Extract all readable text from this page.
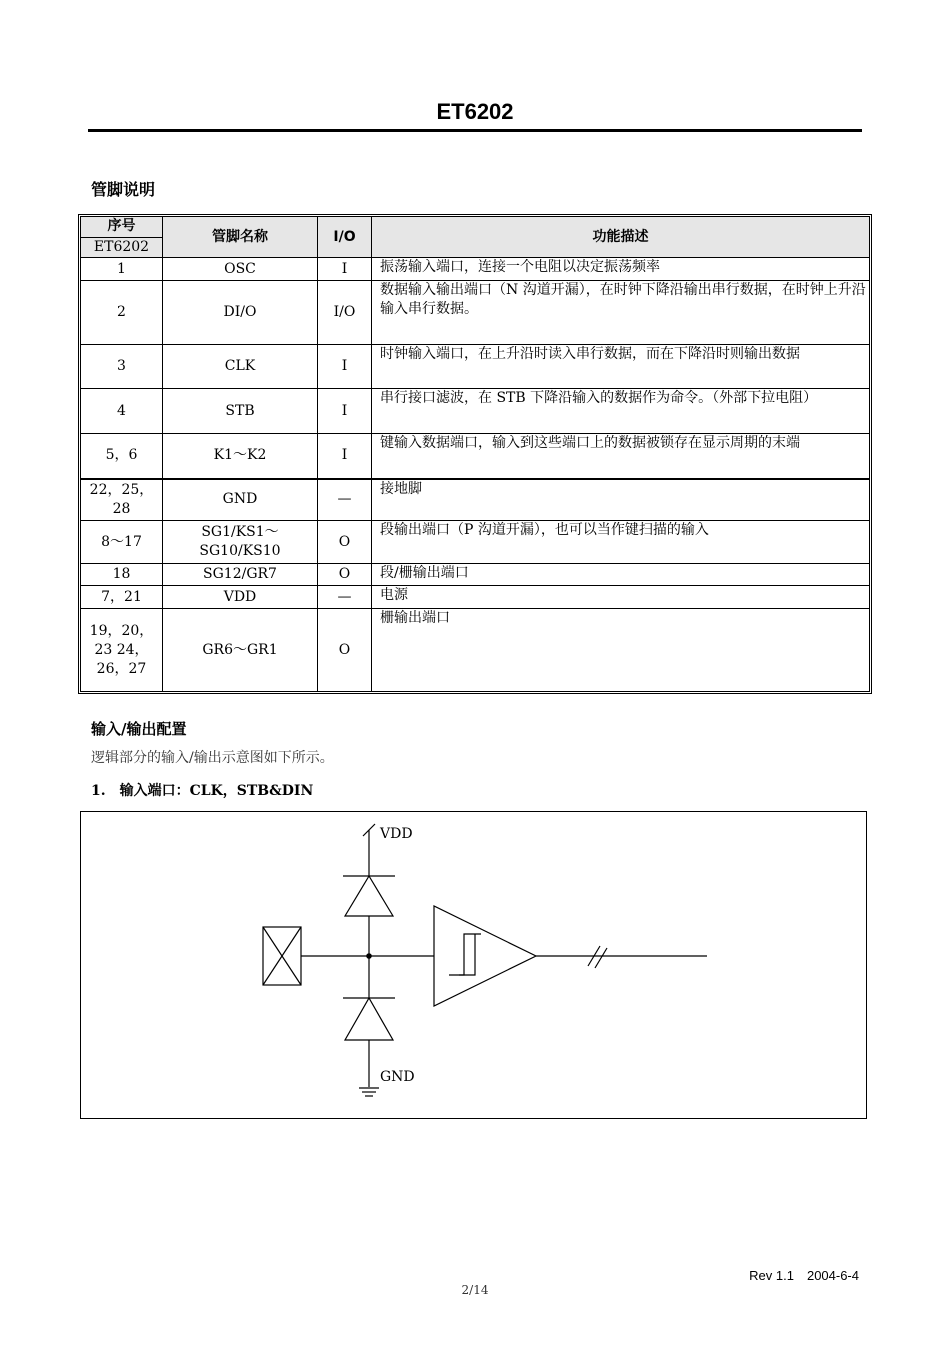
ET6202
管脚说明
序号
ET6202	管脚名称	I/O	功能描述
1	OSC	I	振荡输入端口，连接一个电阻以决定振荡频率
2	DI/O	I/O	数据输入输出端口（N 沟道开漏），在时钟下降沿输出串行数据，在时钟上升沿输入串行数据。
3	CLK	I	时钟输入端口，在上升沿时读入串行数据，而在下降沿时则输出数据
4	STB	I	串行接口滤波，在 STB 下降沿输入的数据作为命令。（外部下拉电阻）
5，6	K1～K2	I	键输入数据端口，输入到这些端口上的数据被锁存在显示周期的末端
22，25，28	GND	—	接地脚
8～17	SG1/KS1～SG10/KS10	O	段输出端口（P 沟道开漏），也可以当作键扫描的输入
18	SG12/GR7	O	段/栅输出端口
7，21	VDD	—	电源
19，20，23 24，26，27	GR6～GR1	O	栅输出端口
输入/输出配置
逻辑部分的输入/输出示意图如下所示。
1.　输入端口：CLK，STB&DIN
VDD
GND
Rev 1.1　2004-6-4
2/14
